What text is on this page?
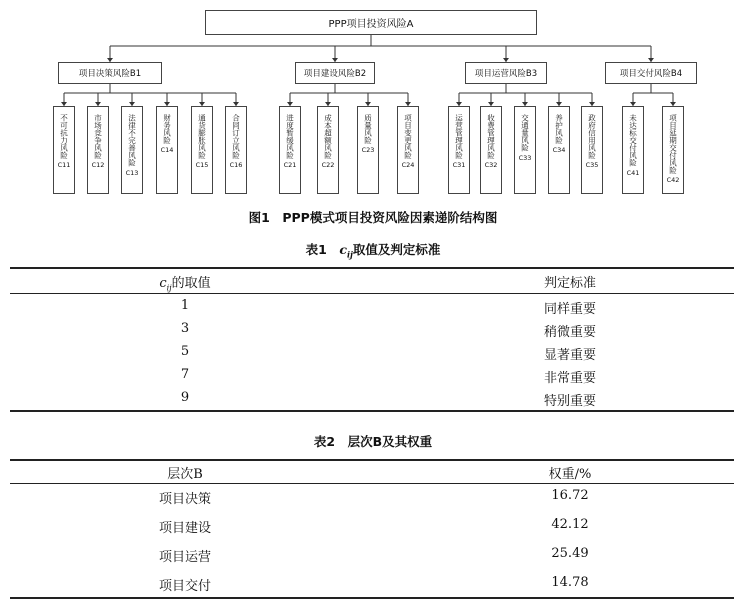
PPP项目投资风险A
项目决策风险B1	项目建设风险B2	项目运营风险B3	项目交付风险B4
不可抗力风险
C11
市场竞争风险
C12	法律不完善风险
C13
财务风险
C14	通货膨胀风险
C15
合同订立风险
C16
进度暂缓风险
C21
成本超额风险
C22
质量风险
C23	项目变更风险
C24
运营管理风险
C31
收费管理风险
C32
交通量风险
C33
养护风险
C34	政府信用风险
C35	未达标交付风险
C41	项目延期交付风险
C42
图1　PPP模式项目投资风险因素递阶结构图
表1　$c_{ij}$取值及判定标准
$c_{ij}$的取值	判定标准
1	同样重要
3	稍微重要
5	显著重要
7	非常重要
9	特别重要
表2　层次B及其权重
层次B	权重/%
项目决策	16.72
项目建设	42.12
项目运营	25.49
项目交付	14.78
